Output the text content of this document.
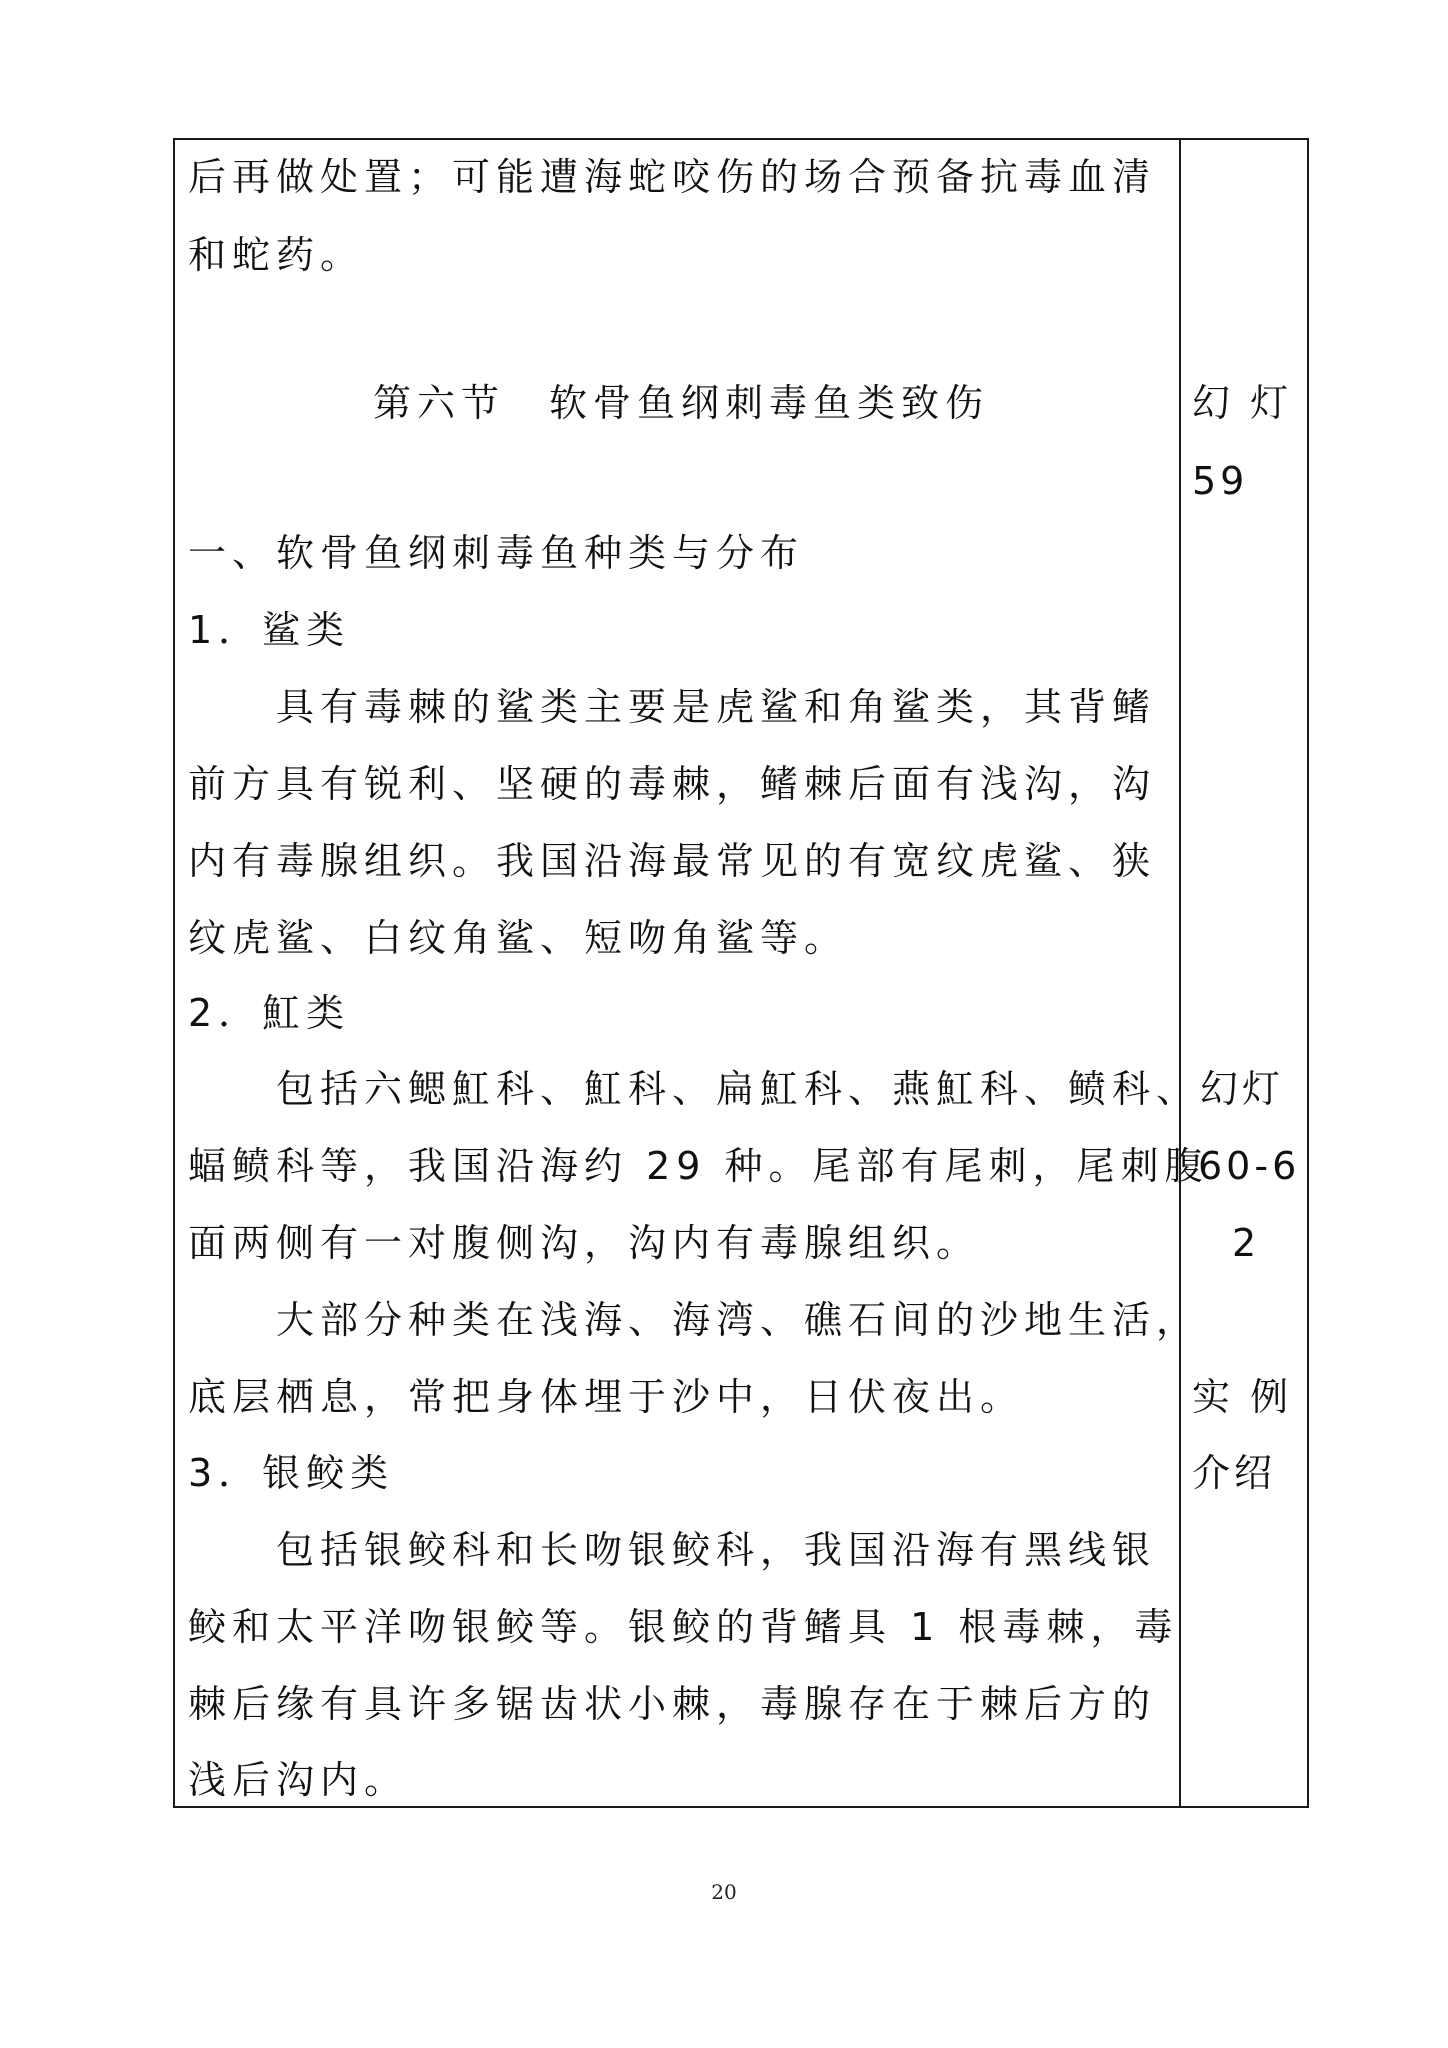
后再做处置；可能遭海蛇咬伤的场合预备抗毒血清
和蛇药。
第六节　软骨鱼纲刺毒鱼类致伤
一、软骨鱼纲刺毒鱼种类与分布
1．鲨类
具有毒棘的鲨类主要是虎鲨和角鲨类，其背鳍
前方具有锐利、坚硬的毒棘，鳍棘后面有浅沟，沟
内有毒腺组织。我国沿海最常见的有宽纹虎鲨、狭
纹虎鲨、白纹角鲨、短吻角鲨等。
2．魟类
包括六鳃魟科、魟科、扁魟科、燕魟科、鲼科、
蝠鲼科等，我国沿海约 29 种。尾部有尾刺，尾刺腹
面两侧有一对腹侧沟，沟内有毒腺组织。
大部分种类在浅海、海湾、礁石间的沙地生活，
底层栖息，常把身体埋于沙中，日伏夜出。
3．银鲛类
包括银鲛科和长吻银鲛科，我国沿海有黑线银
鲛和太平洋吻银鲛等。银鲛的背鳍具 1 根毒棘，毒
棘后缘有具许多锯齿状小棘，毒腺存在于棘后方的
浅后沟内。
幻 灯
59
幻灯
60-6
2
实 例
介绍
20
